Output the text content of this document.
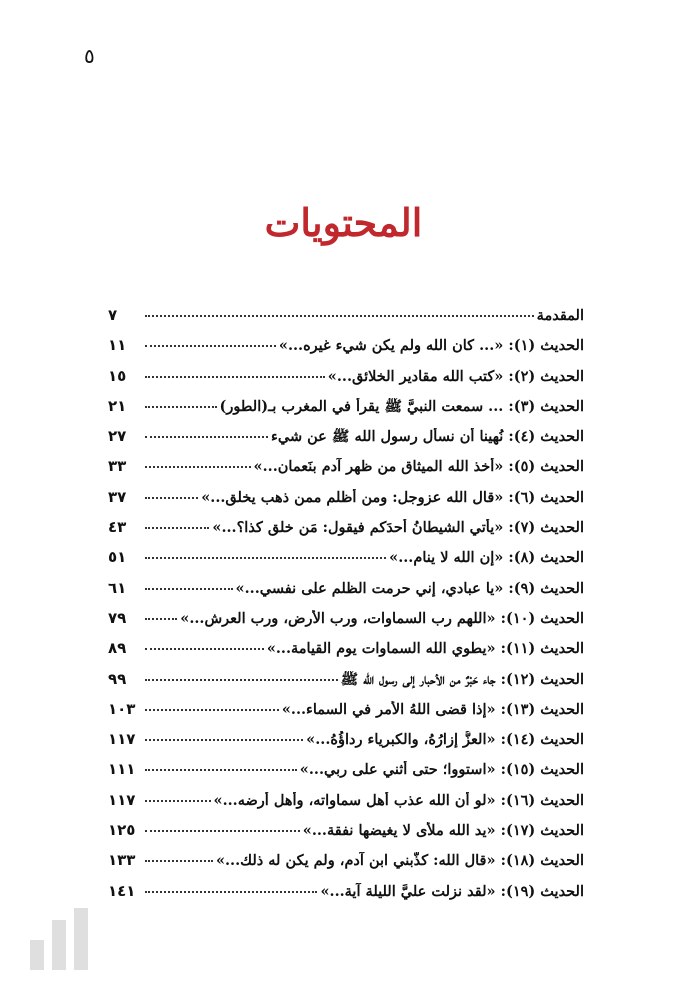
٥
المحتويات
المقدمة
٧
الحديث (١): «... كان الله ولم يكن شيء غيره...»
١١
الحديث (٢): «كتب الله مقادير الخلائق...»
١٥
الحديث (٣): ... سمعت النبيَّ ﷺ يقرأ في المغرب بـ(الطور)
٢١
الحديث (٤): نُهينا أن نسأل رسول الله ﷺ عن شيء
٢٧
الحديث (٥): «أخذ الله الميثاق من ظهر آدم بنَعمان...»
٣٣
الحديث (٦): «قال الله عزوجل: ومن أظلم ممن ذهب يخلق...»
٣٧
الحديث (٧): «يأتي الشيطانُ أحدَكم فيقول: مَن خلق كذا؟...»
٤٣
الحديث (٨): «إن الله لا ينام...»
٥١
الحديث (٩): «يا عبادي، إني حرمت الظلم على نفسي...»
٦١
الحديث (١٠): «اللهم رب السماوات، ورب الأرض، ورب العرش...»
٧٩
الحديث (١١): «يطوي الله السماوات يوم القيامة...»
٨٩
الحديث (١٢): جاء حَبْرٌ من الأحبار إلى رسول الله ﷺ
٩٩
الحديث (١٣): «إذا قضى اللهُ الأمر في السماء...»
١٠٣
الحديث (١٤): «العزُّ إزارُهُ، والكبرياء رداؤُهُ...»
١١٧
الحديث (١٥): «استووا؛ حتى أُثني على ربي...»
١١١
الحديث (١٦): «لو أن الله عذب أهل سماواته، وأهل أرضه...»
١١٧
الحديث (١٧): «يد الله ملأى لا يغيضها نفقة...»
١٢٥
الحديث (١٨): «قال الله: كذَّبني ابن آدم، ولم يكن له ذلك...»
١٣٣
الحديث (١٩): «لقد نزلت عليَّ الليلة آية...»
١٤١
